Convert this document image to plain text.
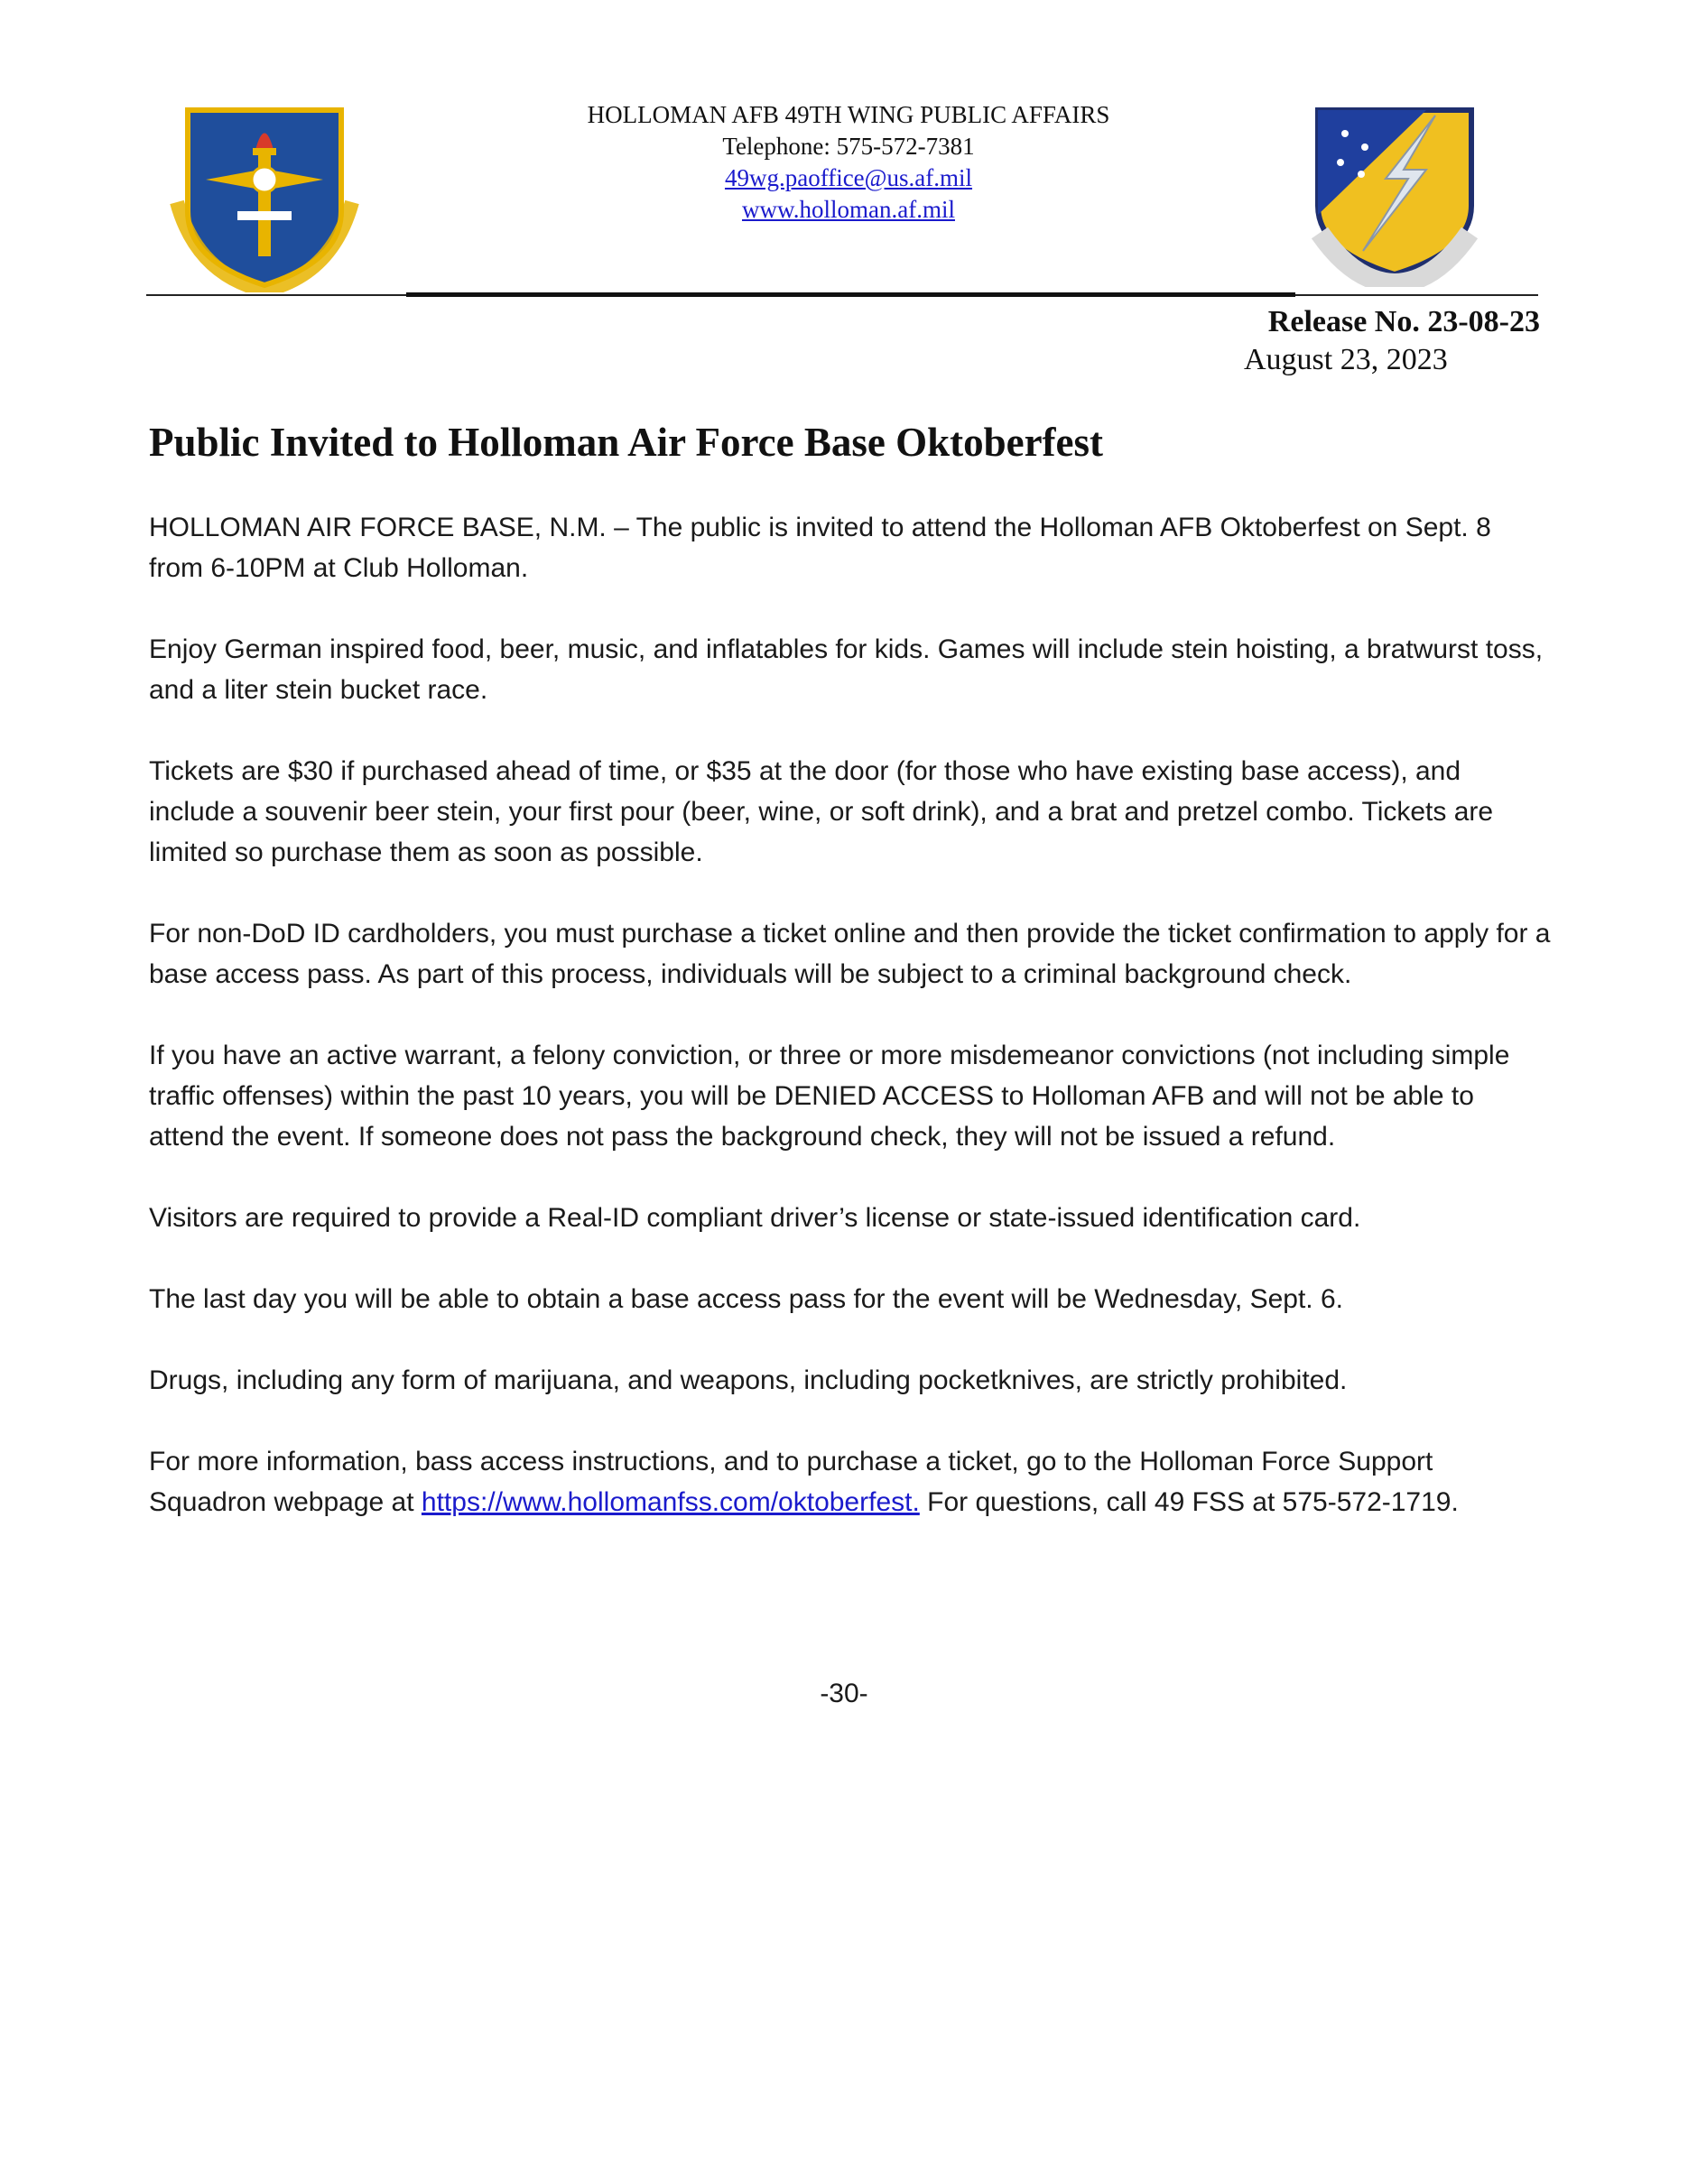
HOLLOMAN AFB 49TH WING PUBLIC AFFAIRS
Telephone: 575-572-7381
49wg.paoffice@us.af.mil
www.holloman.af.mil
Release No. 23-08-23
August 23, 2023
Public Invited to Holloman Air Force Base Oktoberfest

HOLLOMAN AIR FORCE BASE, N.M. – The public is invited to attend the Holloman AFB Oktoberfest on Sept. 8 from 6-10PM at Club Holloman.

Enjoy German inspired food, beer, music, and inflatables for kids. Games will include stein hoisting, a bratwurst toss, and a liter stein bucket race.

Tickets are $30 if purchased ahead of time, or $35 at the door (for those who have existing base access), and include a souvenir beer stein, your first pour (beer, wine, or soft drink), and a brat and pretzel combo. Tickets are limited so purchase them as soon as possible.

For non-DoD ID cardholders, you must purchase a ticket online and then provide the ticket confirmation to apply for a base access pass. As part of this process, individuals will be subject to a criminal background check.

If you have an active warrant, a felony conviction, or three or more misdemeanor convictions (not including simple traffic offenses) within the past 10 years, you will be DENIED ACCESS to Holloman AFB and will not be able to attend the event. If someone does not pass the background check, they will not be issued a refund.

Visitors are required to provide a Real-ID compliant driver’s license or state-issued identification card.

The last day you will be able to obtain a base access pass for the event will be Wednesday, Sept. 6.

Drugs, including any form of marijuana, and weapons, including pocketknives, are strictly prohibited.

For more information, bass access instructions, and to purchase a ticket, go to the Holloman Force Support Squadron webpage at https://www.hollomanfss.com/oktoberfest. For questions, call 49 FSS at 575-572-1719.

-30-
